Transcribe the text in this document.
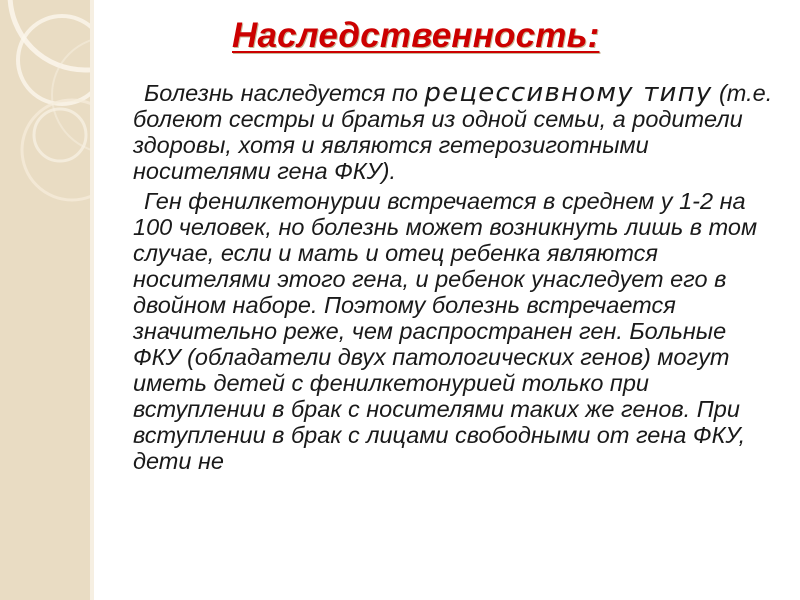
Наследственность:

Болезнь наследуется по рецессивному типу (т.е. болеют сестры и братья из одной семьи, а родители здоровы, хотя и являются гетерозиготными носителями гена ФКУ).

Ген фенилкетонурии встречается в среднем у 1-2 на 100 человек, но болезнь может возникнуть лишь в том случае, если и мать и отец ребенка являются носителями этого гена, и ребенок унаследует его в двойном наборе. Поэтому болезнь встречается значительно реже, чем распространен ген. Больные ФКУ (обладатели двух патологических генов) могут иметь детей с фенилкетонурией только при вступлении в брак с носителями таких же генов. При вступлении в брак с лицами свободными от гена ФКУ, дети не
